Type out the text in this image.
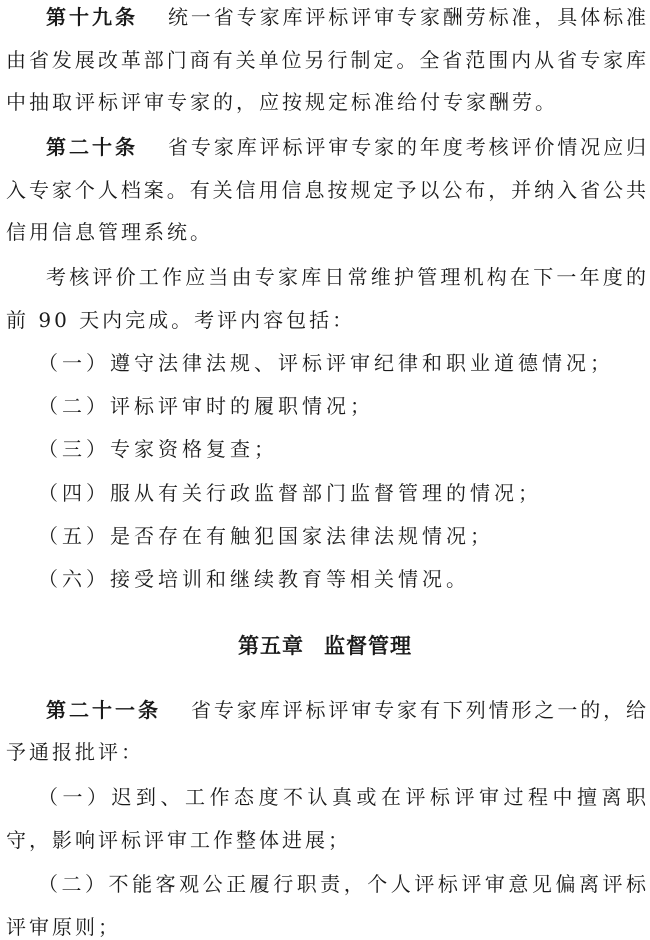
第十九条 统一省专家库评标评审专家酬劳标准，具体标准
由省发展改革部门商有关单位另行制定。全省范围内从省专家库
中抽取评标评审专家的，应按规定标准给付专家酬劳。
第二十条 省专家库评标评审专家的年度考核评价情况应归
入专家个人档案。有关信用信息按规定予以公布，并纳入省公共
信用信息管理系统。
考核评价工作应当由专家库日常维护管理机构在下一年度的
前 90 天内完成。考评内容包括：
（一）遵守法律法规、评标评审纪律和职业道德情况；
（二）评标评审时的履职情况；
（三）专家资格复查；
（四）服从有关行政监督部门监督管理的情况；
（五）是否存在有触犯国家法律法规情况；
（六）接受培训和继续教育等相关情况。
第五章 监督管理
第二十一条 省专家库评标评审专家有下列情形之一的，给
予通报批评：
（一）迟到、工作态度不认真或在评标评审过程中擅离职
守，影响评标评审工作整体进展；
（二）不能客观公正履行职责，个人评标评审意见偏离评标
评审原则；
